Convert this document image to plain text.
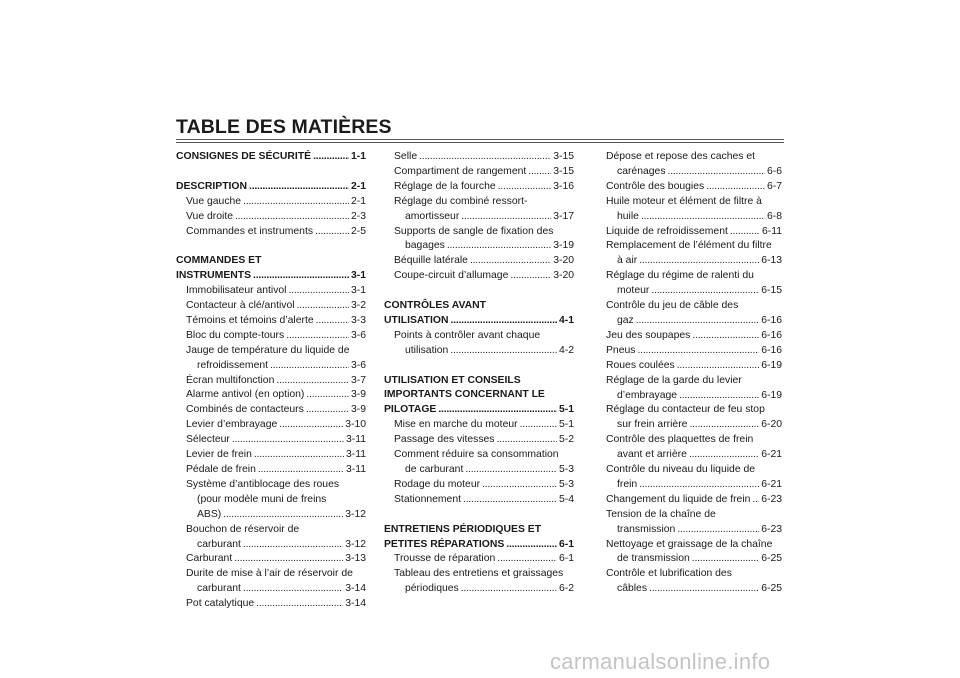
TABLE DES MATIÈRES
CONSIGNES DE SÉCURITÉ . . .	1-1
DESCRIPTION . . .	2-1
Vue gauche . . .	2-1
Vue droite . . .	2-3
Commandes et instruments . . .	2-5
COMMANDES ET
INSTRUMENTS . . .	3-1
Immobilisateur antivol . . .	3-1
Contacteur à clé/antivol . . .	3-2
Témoins et témoins d’alerte . . .	3-3
Bloc du compte-tours . . .	3-6
Jauge de température du liquide de
refroidissement . . .	3-6
Écran multifonction . . .	3-7
Alarme antivol (en option) . . .	3-9
Combinés de contacteurs . . .	3-9
Levier d’embrayage . . .	3-10
Sélecteur . . .	3-11
Levier de frein . . .	3-11
Pédale de frein . . .	3-11
Système d’antiblocage des roues
(pour modèle muni de freins
ABS) . . .	3-12
Bouchon de réservoir de
carburant . . .	3-12
Carburant . . .	3-13
Durite de mise à l’air de réservoir de
carburant . . .	3-14
Pot catalytique . . .	3-14
Selle . . .	3-15
Compartiment de rangement . . .	3-15
Réglage de la fourche . . .	3-16
Réglage du combiné ressort-
amortisseur . . .	3-17
Supports de sangle de fixation des
bagages . . .	3-19
Béquille latérale . . .	3-20
Coupe-circuit d’allumage . . .	3-20
CONTRÔLES AVANT
UTILISATION . . .	4-1
Points à contrôler avant chaque
utilisation . . .	4-2
UTILISATION ET CONSEILS
IMPORTANTS CONCERNANT LE
PILOTAGE . . .	5-1
Mise en marche du moteur . . .	5-1
Passage des vitesses . . .	5-2
Comment réduire sa consommation
de carburant . . .	5-3
Rodage du moteur . . .	5-3
Stationnement . . .	5-4
ENTRETIENS PÉRIODIQUES ET
PETITES RÉPARATIONS . . .	6-1
Trousse de réparation . . .	6-1
Tableau des entretiens et graissages
périodiques . . .	6-2
Dépose et repose des caches et
carénages . . .	6-6
Contrôle des bougies . . .	6-7
Huile moteur et élément de filtre à
huile . . .	6-8
Liquide de refroidissement . . .	6-11
Remplacement de l’élément du filtre
à air . . .	6-13
Réglage du régime de ralenti du
moteur . . .	6-15
Contrôle du jeu de câble des
gaz . . .	6-16
Jeu des soupapes . . .	6-16
Pneus . . .	6-16
Roues coulées . . .	6-19
Réglage de la garde du levier
d’embrayage . . .	6-19
Réglage du contacteur de feu stop
sur frein arrière . . .	6-20
Contrôle des plaquettes de frein
avant et arrière . . .	6-21
Contrôle du niveau du liquide de
frein . . .	6-21
Changement du liquide de frein . . . 6-23
Tension de la chaîne de
transmission . . .	6-23
Nettoyage et graissage de la chaîne
de transmission . . .	6-25
Contrôle et lubrification des
câbles . . .	6-25
carmanualsonline.info
